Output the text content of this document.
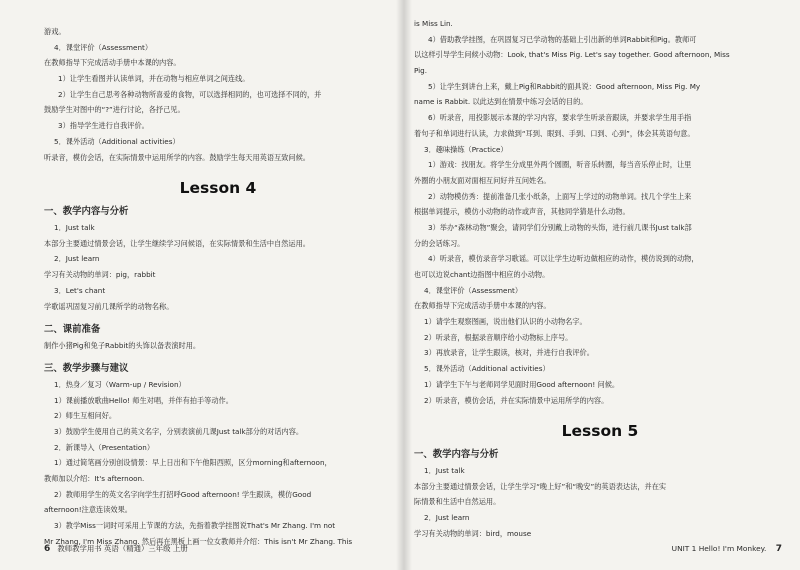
游戏。
4．课堂评价（Assessment）
在教师指导下完成活动手册中本课的内容。
1）让学生看图并认读单词，并在动物与相应单词之间连线。
2）让学生自己思考各种动物所喜爱的食物，可以选择相同的，也可选择不同的，并
鼓励学生对图中的“?”进行讨论，各抒己见。
3）指导学生进行自我评价。
5．课外活动（Additional activities）
听录音，模仿会话，在实际情景中运用所学的内容。鼓励学生每天用英语互致问候。
Lesson 4
一、教学内容与分析
1．Just talk
本部分主要通过情景会话，让学生继续学习问候语，在实际情景和生活中自然运用。
2．Just learn
学习有关动物的单词：pig，rabbit
3．Let's chant
学歌谣巩固复习前几课所学的动物名称。
二、课前准备
制作小猪Pig和兔子Rabbit的头饰以备表演时用。
三、教学步骤与建议
1．热身／复习（Warm-up / Revision）
1）课前播放歌曲Hello! 师生对唱，并伴有拍手等动作。
2）师生互相问好。
3）鼓励学生使用自己的英文名字，分别表演前几课Just talk部分的对话内容。
2．新课导入（Presentation）
1）通过简笔画分别创设情景：早上日出和下午他阳西照，区分morning和afternoon，
教师加以介绍：It's afternoon.
2）教师用学生的英文名字向学生打招呼Good afternoon! 学生跟读，模仿Good
afternoon!注意连读效果。
3）教学Miss一词时可采用上节课的方法，先指着教学挂图说That's Mr Zhang. I'm not
Mr Zhang, I'm Miss Zhang. 然后再在黑板上画一位女教师并介绍：This isn't Mr Zhang. This
6 教师教学用书 英语（精通）三年级 上册
is Miss Lin.
4）借助教学挂图，在巩固复习已学动物的基础上引出新的单词Rabbit和Pig。教师可
以这样引导学生问候小动物：Look, that's Miss Pig. Let's say together. Good afternoon, Miss
Pig.
5）让学生到讲台上来，戴上Pig和Rabbit的面具说：Good afternoon, Miss Pig. My
name is Rabbit. 以此达到在情景中练习会话的目的。
6）听录音，用投影展示本课的学习内容，要求学生听录音跟读，并要求学生用手指
着句子和单词进行认读，力求做到“耳到、眼到、手到、口到、心到”，体会其英语句意。
3．趣味操练（Practice）
1）游戏：找朋友。将学生分成里外两个圆圈，听音乐转圈，每当音乐停止时，让里
外圈的小朋友面对面相互问好并互问姓名。
2）动物模仿秀：提前准备几张小纸条，上面写上学过的动物单词。找几个学生上来
根据单词提示，模仿小动物的动作或声音，其他同学猜是什么动物。
3）举办“森林动物”聚会，请同学们分别戴上动物的头饰，进行前几课书Just talk部
分的会话练习。
4）听录音，模仿录音学习歌谣。可以让学生边听边做相应的动作，模仿说到的动物，
也可以边说chant边指图中相应的小动物。
4．课堂评价（Assessment）
在教师指导下完成活动手册中本课的内容。
1）请学生观察图画，说出他们认识的小动物名字。
2）听录音，根据录音顺序给小动物标上序号。
3）再放录音，让学生跟读，核对，并进行自我评价。
5．课外活动（Additional activities）
1）请学生下午与老师同学见面时用Good afternoon! 问候。
2）听录音，模仿会话，并在实际情景中运用所学的内容。
Lesson 5
一、教学内容与分析
1．Just talk
本部分主要通过情景会话，让学生学习“晚上好”和“晚安”的英语表达法，并在实
际情景和生活中自然运用。
2．Just learn
学习有关动物的单词：bird，mouse
UNIT 1 Hello! I'm Monkey. 7
